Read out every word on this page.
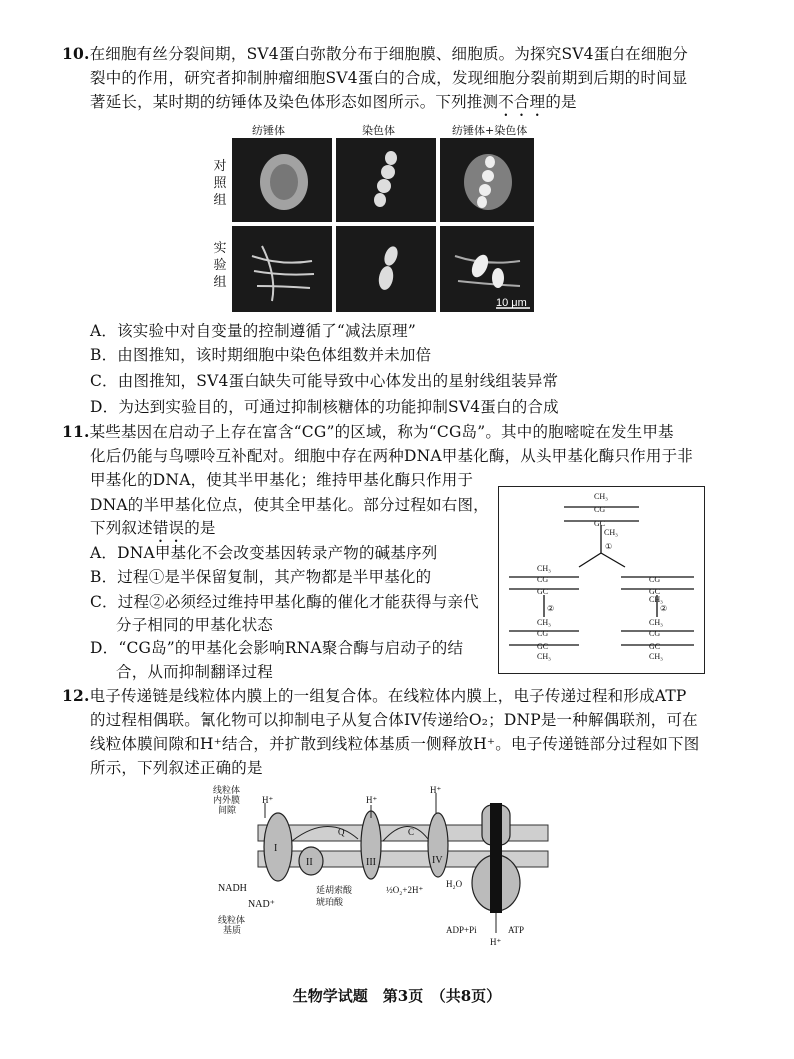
10.在细胞有丝分裂间期，SV4蛋白弥散分布于细胞膜、细胞质。为探究SV4蛋白在细胞分
裂中的作用，研究者抑制肿瘤细胞SV4蛋白的合成，发现细胞分裂前期到后期的时间显
著延长，某时期的纺锤体及染色体形态如图所示。下列推测不合理的是
纺锤体	染色体	纺锤体+染色体
对
照
组
实
验
组
10 μm
A．该实验中对自变量的控制遵循了“减法原理”
B．由图推知，该时期细胞中染色体组数并未加倍
C．由图推知，SV4蛋白缺失可能导致中心体发出的星射线组装异常
D．为达到实验目的，可通过抑制核糖体的功能抑制SV4蛋白的合成
11.某些基因在启动子上存在富含“CG”的区域，称为“CG岛”。其中的胞嘧啶在发生甲基
化后仍能与鸟嘌呤互补配对。细胞中存在两种DNA甲基化酶，从头甲基化酶只作用于非
甲基化的DNA，使其半甲基化；维持甲基化酶只作用于
DNA的半甲基化位点，使其全甲基化。部分过程如右图，
下列叙述错误的是
A．DNA甲基化不会改变基因转录产物的碱基序列
B．过程①是半保留复制，其产物都是半甲基化的
C．过程②必须经过维持甲基化酶的催化才能获得与亲代
分子相同的甲基化状态
D．“CG岛”的甲基化会影响RNA聚合酶与启动子的结
合，从而抑制翻译过程
CH₃
CG
GC
CH₃
①
CH₃
CG
GC
CG
GC
CH₃
②	②
CH₃
CG
GC
CH₃
CH₃
CG
GC
CH₃
12.电子传递链是线粒体内膜上的一组复合体。在线粒体内膜上，电子传递过程和形成ATP
的过程相偶联。氰化物可以抑制电子从复合体IV传递给O₂；DNP是一种解偶联剂，可在
线粒体膜间隙和H⁺结合，并扩散到线粒体基质一侧释放H⁺。电子传递链部分过程如下图
所示，下列叙述正确的是
线粒体
内外膜
间隙
H⁺	H⁺
H⁺
I
II	III	IV
Q	C
NADH
NAD⁺
延胡索酸
琥珀酸
½O₂+2H⁺
H₂O
线粒体
基质	ADP+Pi	ATP
H⁺
生物学试题　第3页　（共8页）
